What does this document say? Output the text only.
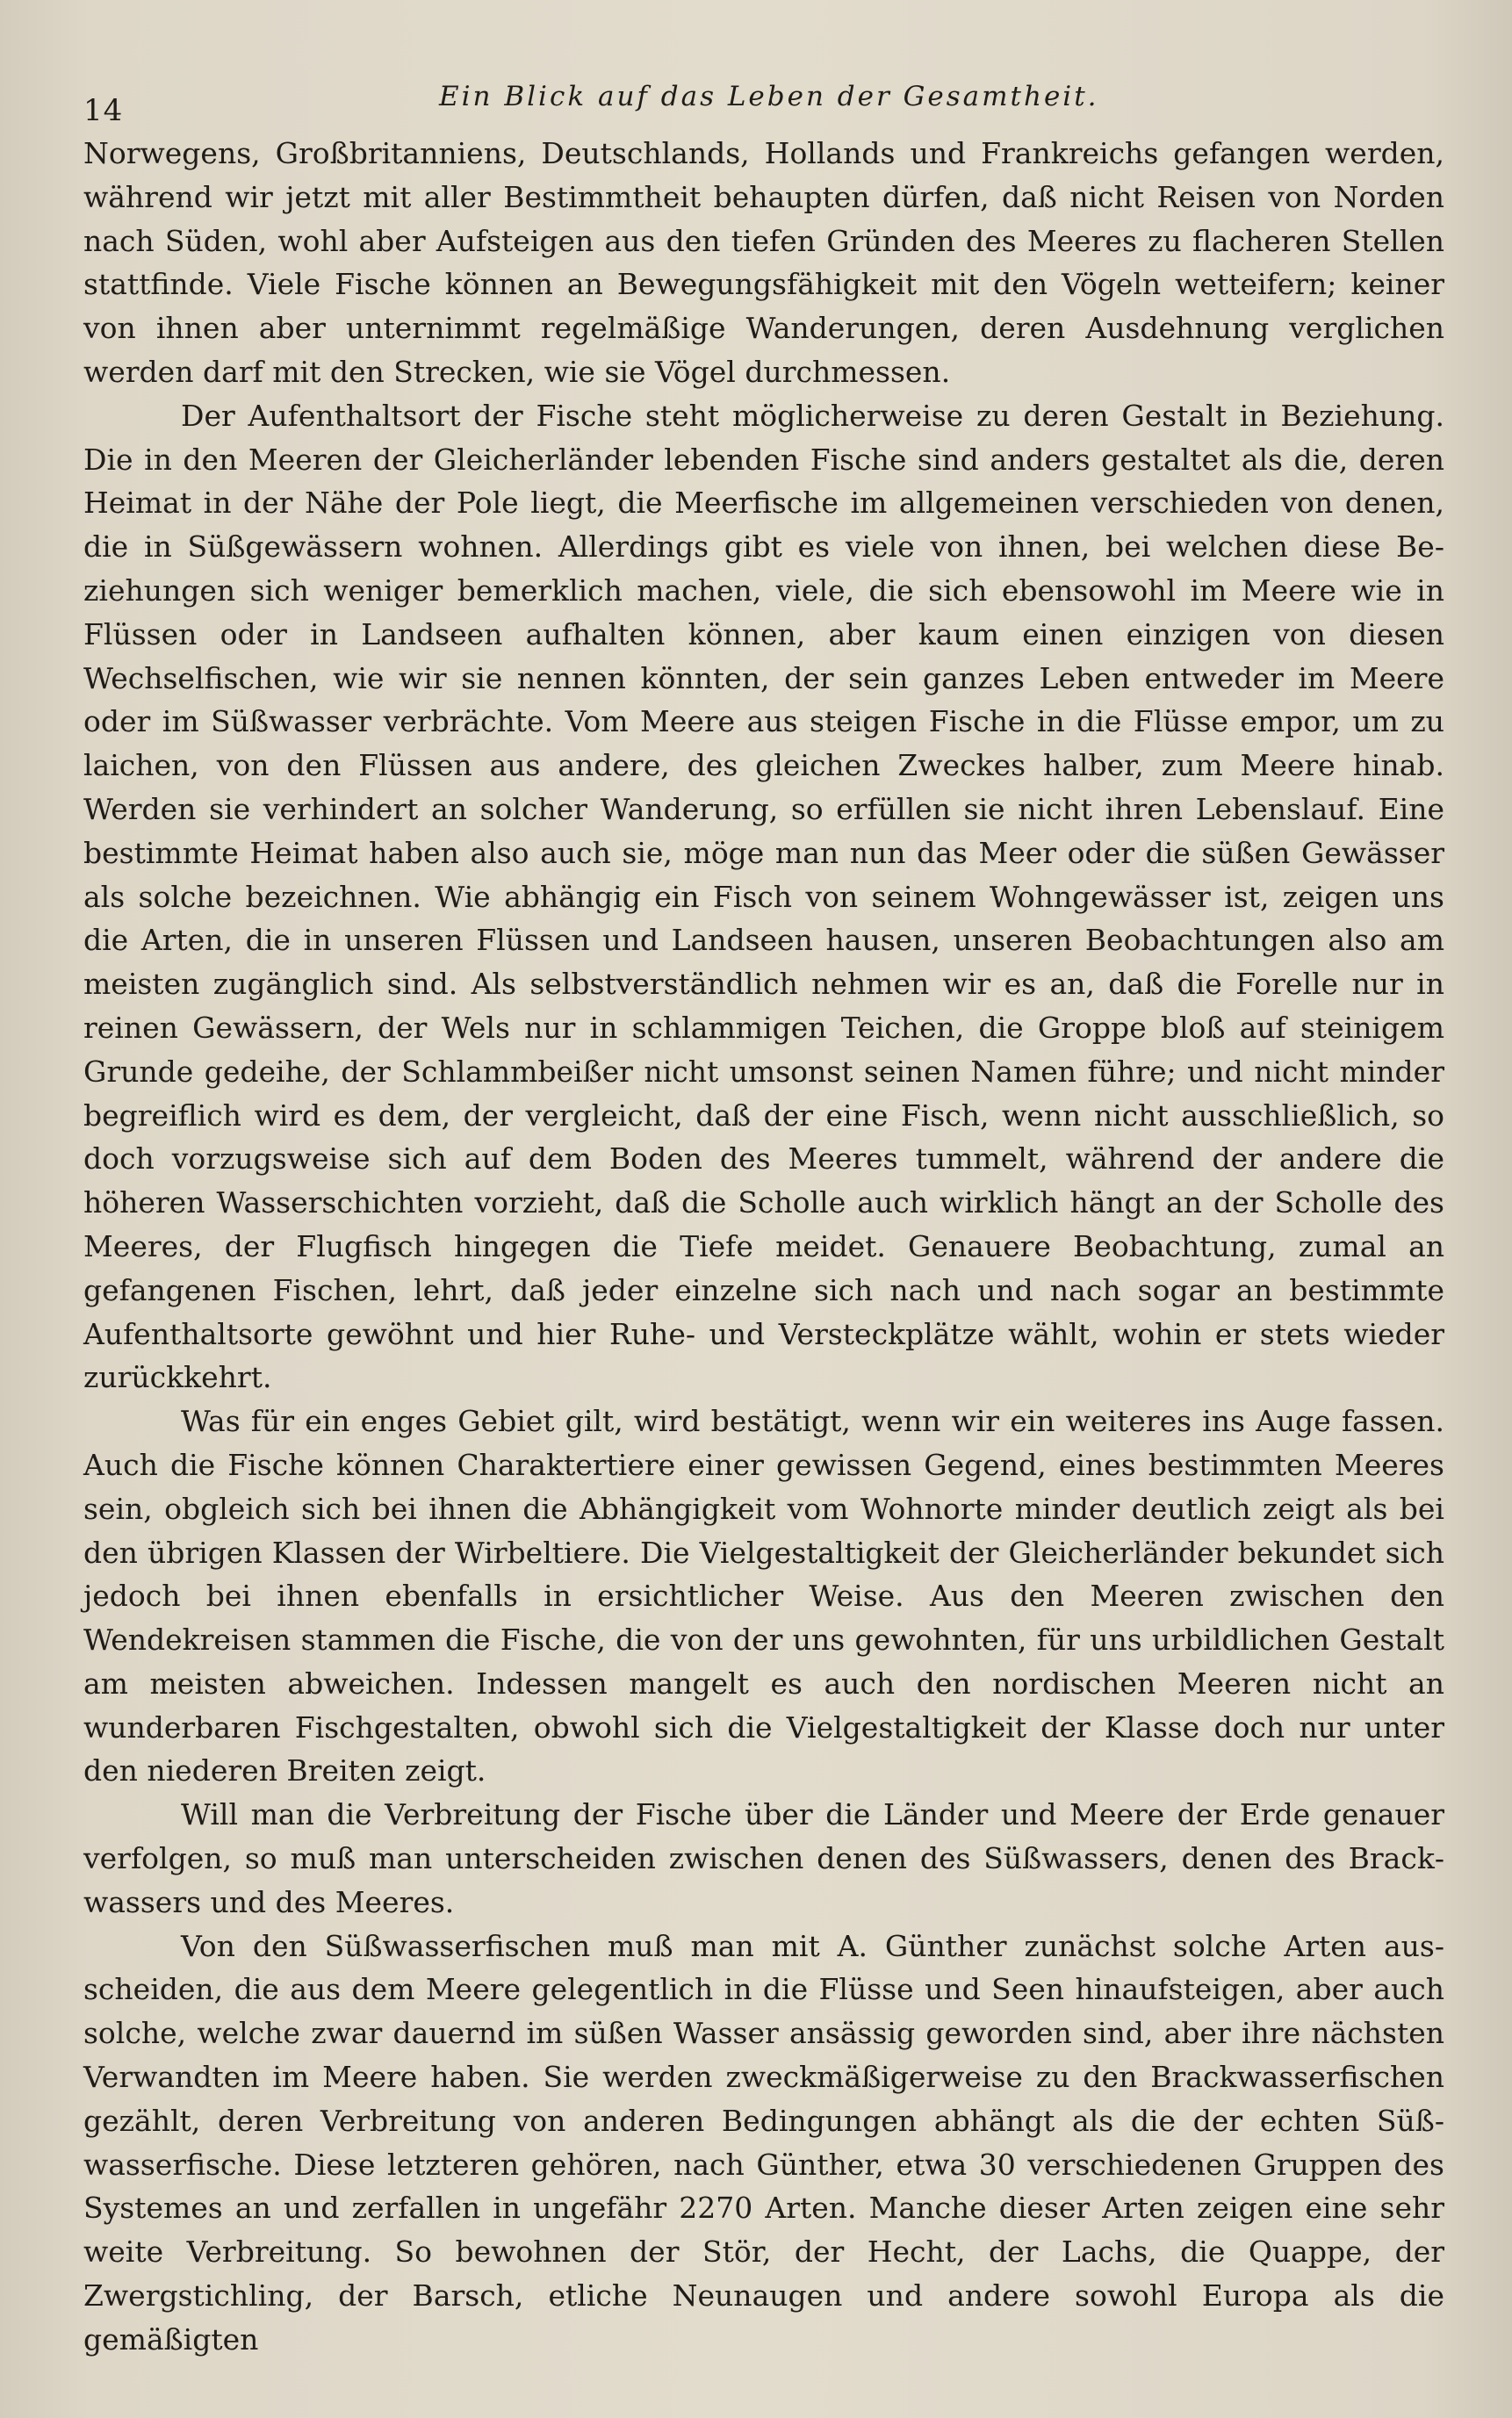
14	Ein Blick auf das Leben der Gesamtheit.

Norwegens, Großbritanniens, Deutschlands, Hollands und Frankreichs gefangen werden, während wir jetzt mit aller Bestimmtheit behaupten dürfen, daß nicht Reisen von Norden nach Süden, wohl aber Aufsteigen aus den tiefen Gründen des Meeres zu flacheren Stellen stattfinde. Viele Fische können an Bewegungsfähigkeit mit den Vögeln wetteifern; keiner von ihnen aber unternimmt regelmäßige Wanderungen, deren Ausdehnung verglichen werden darf mit den Strecken, wie sie Vögel durchmessen.

Der Aufenthaltsort der Fische steht möglicherweise zu deren Gestalt in Beziehung. Die in den Meeren der Gleicherländer lebenden Fische sind anders gestaltet als die, deren Heimat in der Nähe der Pole liegt, die Meerfische im allgemeinen verschieden von denen, die in Süßgewässern wohnen. Allerdings gibt es viele von ihnen, bei welchen diese Beziehungen sich weniger bemerklich machen, viele, die sich ebensowohl im Meere wie in Flüssen oder in Landseen aufhalten können, aber kaum einen einzigen von diesen Wechselfischen, wie wir sie nennen könnten, der sein ganzes Leben entweder im Meere oder im Süßwasser verbrächte. Vom Meere aus steigen Fische in die Flüsse empor, um zu laichen, von den Flüssen aus andere, des gleichen Zweckes halber, zum Meere hinab. Werden sie verhindert an solcher Wanderung, so erfüllen sie nicht ihren Lebenslauf. Eine bestimmte Heimat haben also auch sie, möge man nun das Meer oder die süßen Gewässer als solche bezeichnen. Wie abhängig ein Fisch von seinem Wohngewässer ist, zeigen uns die Arten, die in unseren Flüssen und Landseen hausen, unseren Beobachtungen also am meisten zugänglich sind. Als selbstverständlich nehmen wir es an, daß die Forelle nur in reinen Gewässern, der Wels nur in schlammigen Teichen, die Groppe bloß auf steinigem Grunde gedeihe, der Schlammbeißer nicht umsonst seinen Namen führe; und nicht minder begreiflich wird es dem, der vergleicht, daß der eine Fisch, wenn nicht ausschließlich, so doch vorzugsweise sich auf dem Boden des Meeres tummelt, während der andere die höheren Wasserschichten vorzieht, daß die Scholle auch wirklich hängt an der Scholle des Meeres, der Flugfisch hingegen die Tiefe meidet. Genauere Beobachtung, zumal an gefangenen Fischen, lehrt, daß jeder einzelne sich nach und nach sogar an bestimmte Aufenthaltsorte gewöhnt und hier Ruhe- und Versteckplätze wählt, wohin er stets wieder zurückkehrt.

Was für ein enges Gebiet gilt, wird bestätigt, wenn wir ein weiteres ins Auge fassen. Auch die Fische können Charaktertiere einer gewissen Gegend, eines bestimmten Meeres sein, obgleich sich bei ihnen die Abhängigkeit vom Wohnorte minder deutlich zeigt als bei den übrigen Klassen der Wirbeltiere. Die Vielgestaltigkeit der Gleicherländer bekundet sich jedoch bei ihnen ebenfalls in ersichtlicher Weise. Aus den Meeren zwischen den Wendekreisen stammen die Fische, die von der uns gewohnten, für uns urbildlichen Gestalt am meisten abweichen. Indessen mangelt es auch den nordischen Meeren nicht an wunderbaren Fischgestalten, obwohl sich die Vielgestaltigkeit der Klasse doch nur unter den niederen Breiten zeigt.

Will man die Verbreitung der Fische über die Länder und Meere der Erde genauer verfolgen, so muß man unterscheiden zwischen denen des Süßwassers, denen des Brackwassers und des Meeres.

Von den Süßwasserfischen muß man mit A. Günther zunächst solche Arten ausscheiden, die aus dem Meere gelegentlich in die Flüsse und Seen hinaufsteigen, aber auch solche, welche zwar dauernd im süßen Wasser ansässig geworden sind, aber ihre nächsten Verwandten im Meere haben. Sie werden zweckmäßigerweise zu den Brackwasserfischen gezählt, deren Verbreitung von anderen Bedingungen abhängt als die der echten Süßwasserfische. Diese letzteren gehören, nach Günther, etwa 30 verschiedenen Gruppen des Systemes an und zerfallen in ungefähr 2270 Arten. Manche dieser Arten zeigen eine sehr weite Verbreitung. So bewohnen der Stör, der Hecht, der Lachs, die Quappe, der Zwergstichling, der Barsch, etliche Neunaugen und andere sowohl Europa als die gemäßigten
